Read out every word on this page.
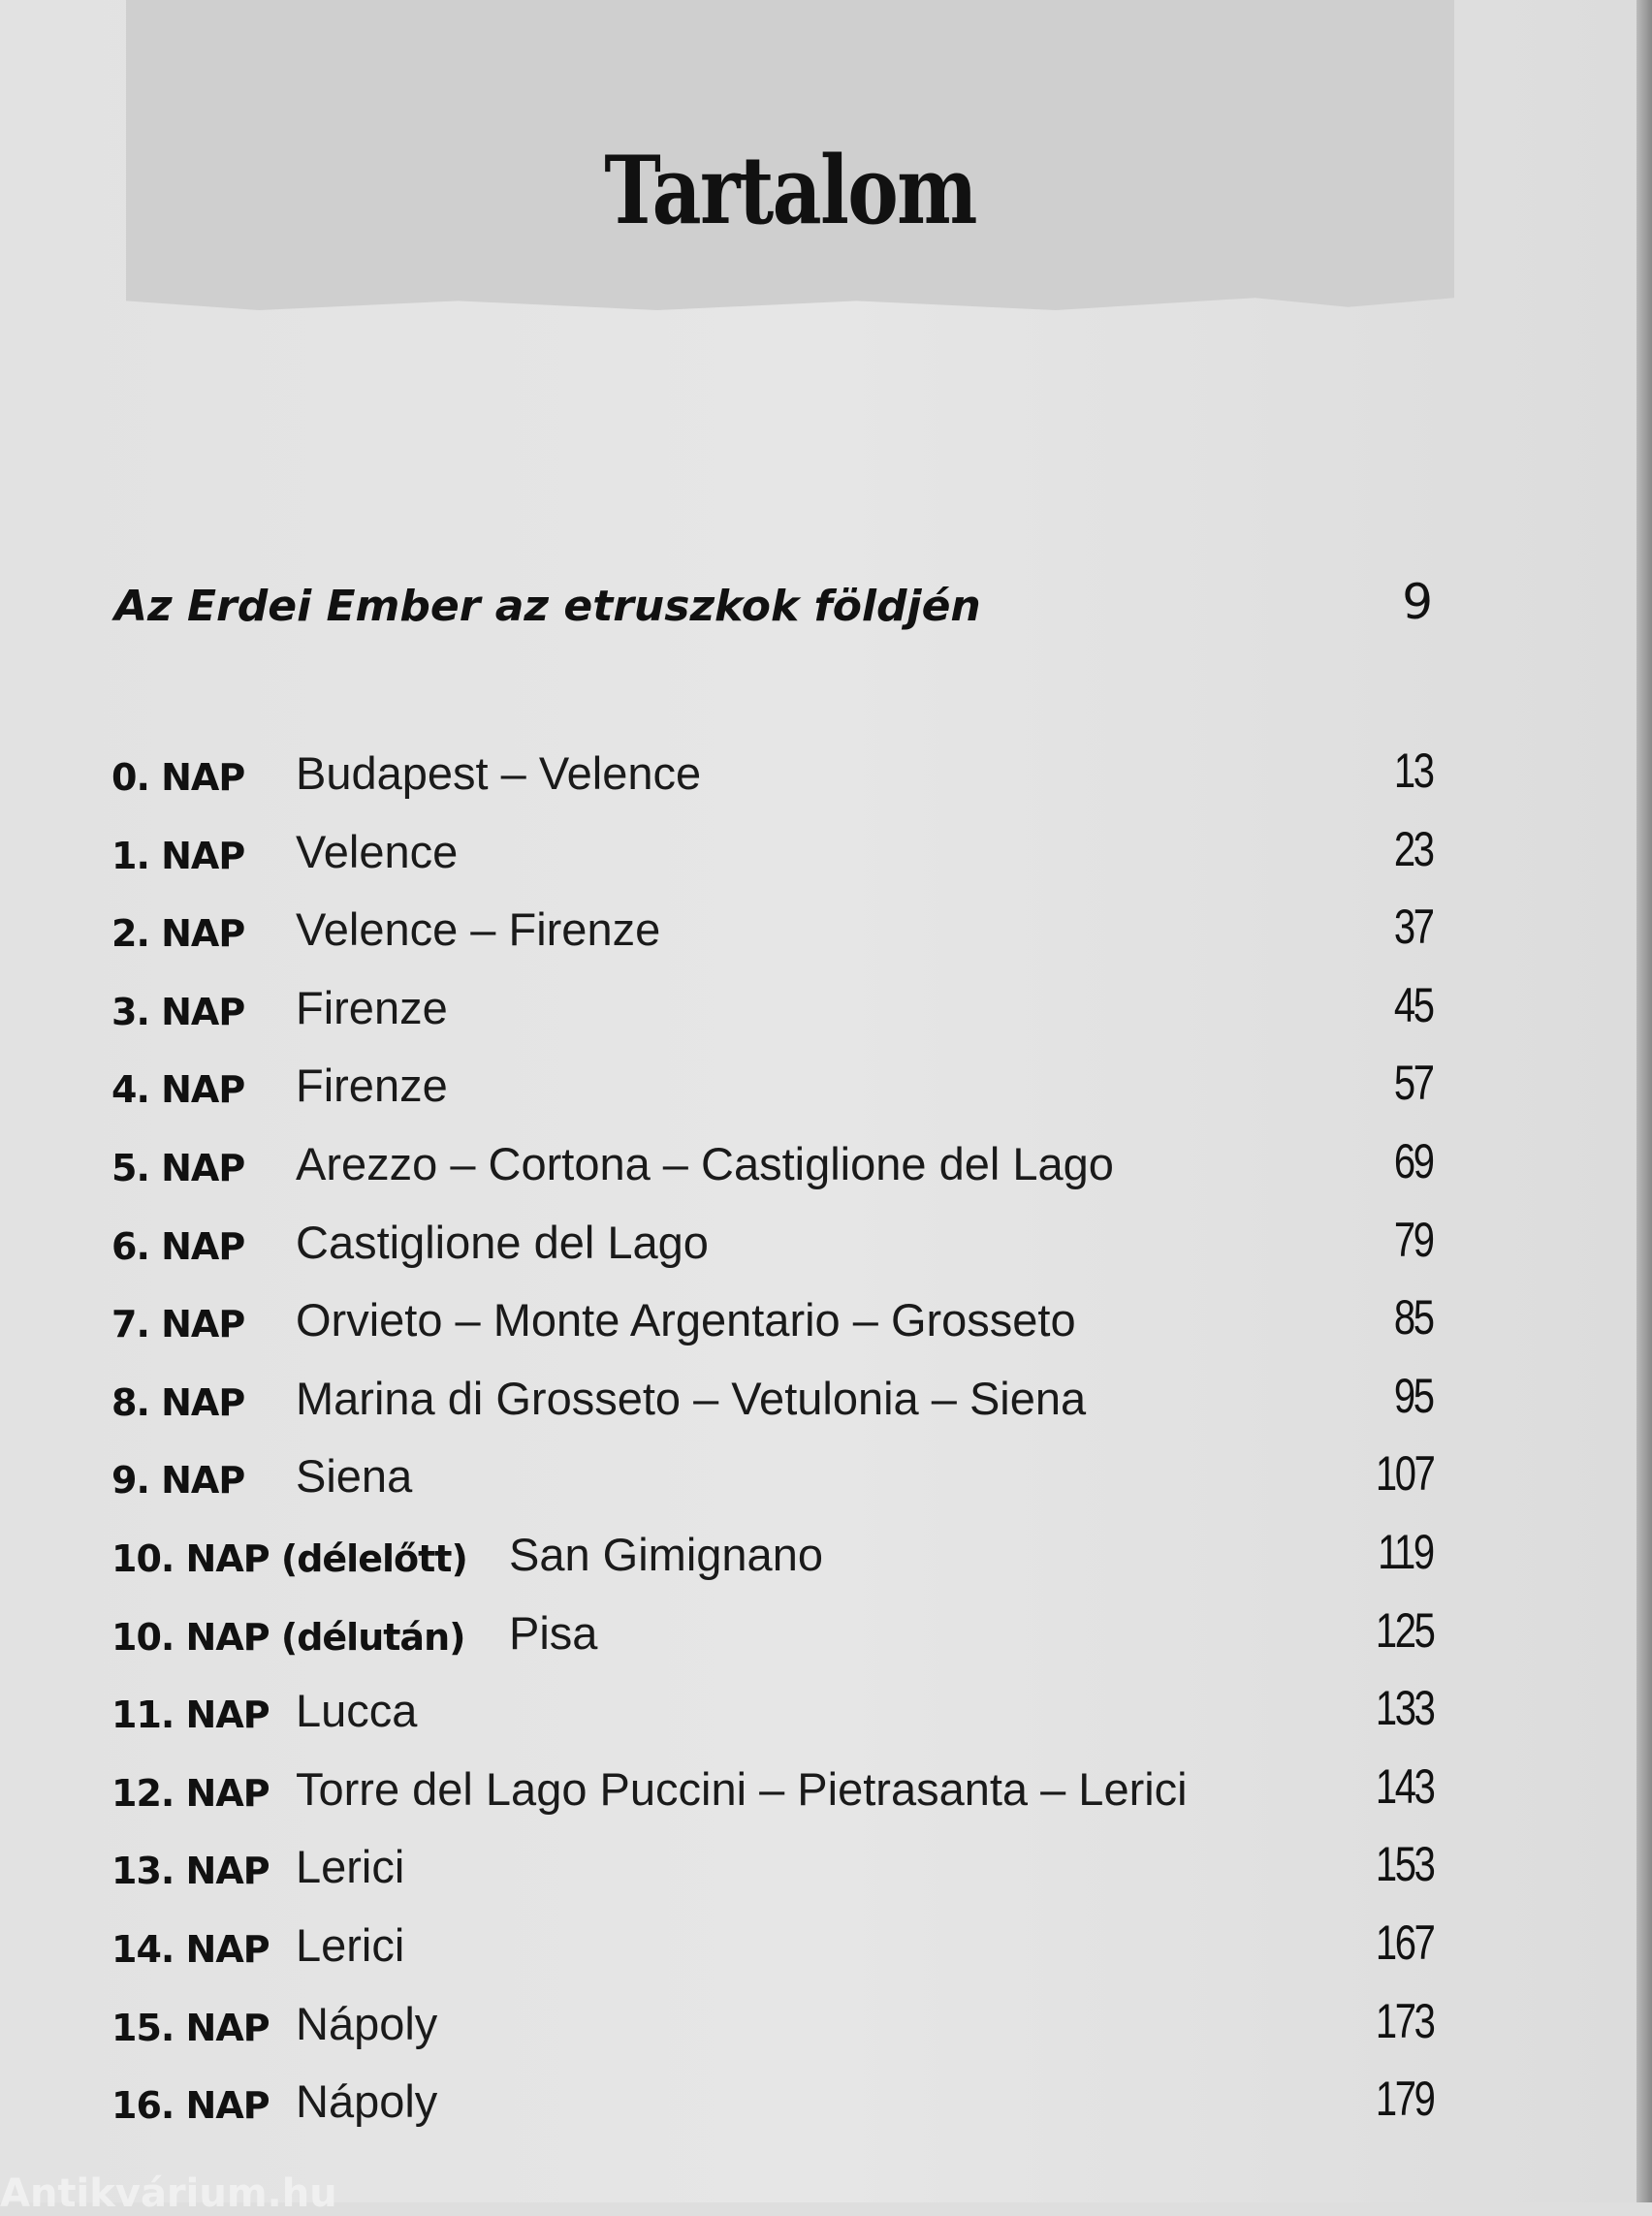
Tartalom
Az Erdei Ember az etruszkok földjén	9
0. NAP Budapest – Velence	13
1. NAP Velence	23
2. NAP Velence – Firenze	37
3. NAP Firenze	45
4. NAP Firenze	57
5. NAP Arezzo – Cortona – Castiglione del Lago	69
6. NAP Castiglione del Lago	79
7. NAP Orvieto – Monte Argentario – Grosseto	85
8. NAP Marina di Grosseto – Vetulonia – Siena	95
9. NAP Siena	107
10. NAP (délelőtt) San Gimignano	119
10. NAP (délután) Pisa	125
11. NAP Lucca	133
12. NAP Torre del Lago Puccini – Pietrasanta – Lerici	143
13. NAP Lerici	153
14. NAP Lerici	167
15. NAP Nápoly	173
16. NAP Nápoly	179
Antikvárium.hu
